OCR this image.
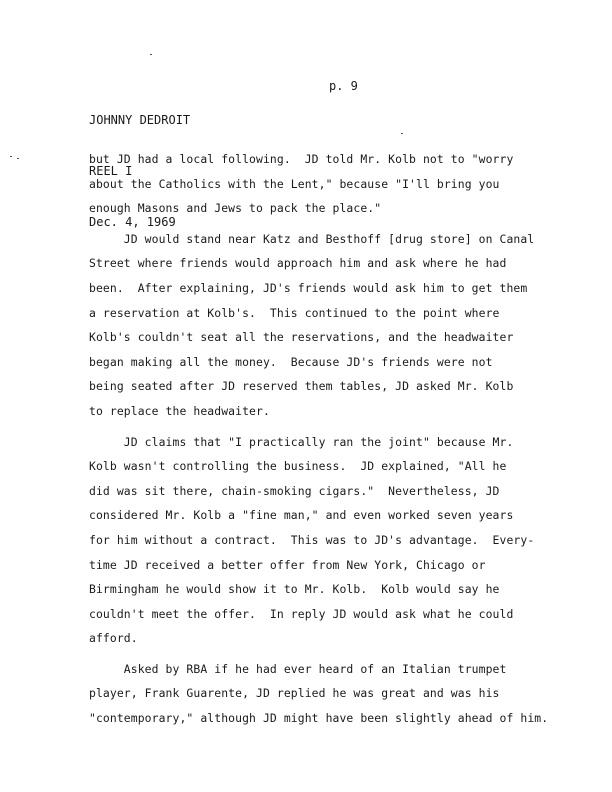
JOHNNY DEDROIT

REEL I

Dec. 4, 1969

p. 9
but JD had a local following.  JD told Mr. Kolb not to "worry
about the Catholics with the Lent," because "I'll bring you
enough Masons and Jews to pack the place."
JD would stand near Katz and Besthoff [drug store] on Canal
Street where friends would approach him and ask where he had
been.  After explaining, JD's friends would ask him to get them
a reservation at Kolb's.  This continued to the point where
Kolb's couldn't seat all the reservations, and the headwaiter
began making all the money.  Because JD's friends were not
being seated after JD reserved them tables, JD asked Mr. Kolb
to replace the headwaiter.
JD claims that "I practically ran the joint" because Mr.
Kolb wasn't controlling the business.  JD explained, "All he
did was sit there, chain-smoking cigars."  Nevertheless, JD
considered Mr. Kolb a "fine man," and even worked seven years
for him without a contract.  This was to JD's advantage.  Every-
time JD received a better offer from New York, Chicago or
Birmingham he would show it to Mr. Kolb.  Kolb would say he
couldn't meet the offer.  In reply JD would ask what he could
afford.
Asked by RBA if he had ever heard of an Italian trumpet
player, Frank Guarente, JD replied he was great and was his
"contemporary," although JD might have been slightly ahead of him.
